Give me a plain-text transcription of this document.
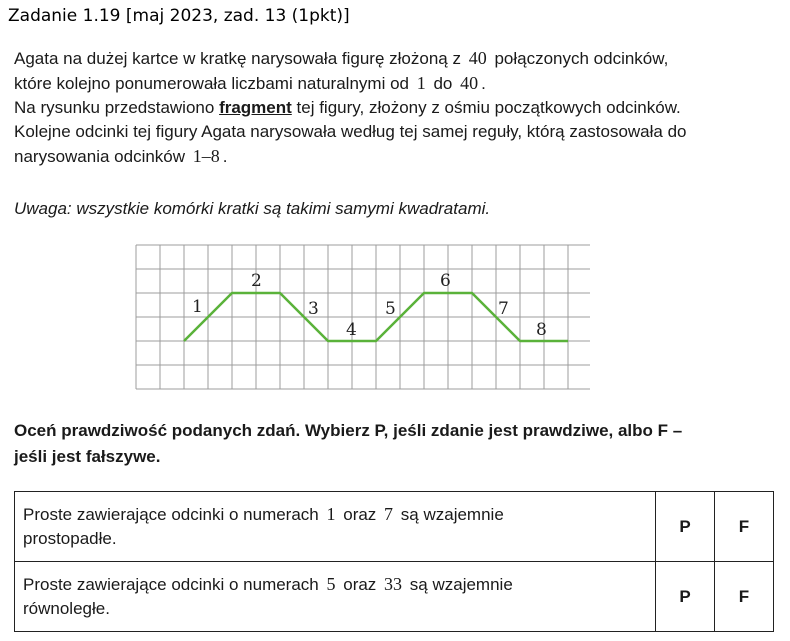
Zadanie 1.19 [maj 2023, zad. 13 (1pkt)]

Agata na dużej kartce w kratkę narysowała figurę złożoną z 40 połączonych odcinków,

które kolejno ponumerowała liczbami naturalnymi od 1 do 40 .

Na rysunku przedstawiono fragment tej figury, złożony z ośmiu początkowych odcinków.

Kolejne odcinki tej figury Agata narysowała według tej samej reguły, którą zastosowała do

narysowania odcinków 1–8 .

Uwaga: wszystkie komórki kratki są takimi samymi kwadratami.
1
2
3
4
5
6
7
8

Oceń prawdziwość podanych zdań. Wybierz P, jeśli zdanie jest prawdziwe, albo F –

jeśli jest fałszywe.

Proste zawierające odcinki o numerach 1 oraz 7 są wzajemnie
prostopadłe.	P	F
Proste zawierające odcinki o numerach 5 oraz 33 są wzajemnie
równoległe.	P	F
